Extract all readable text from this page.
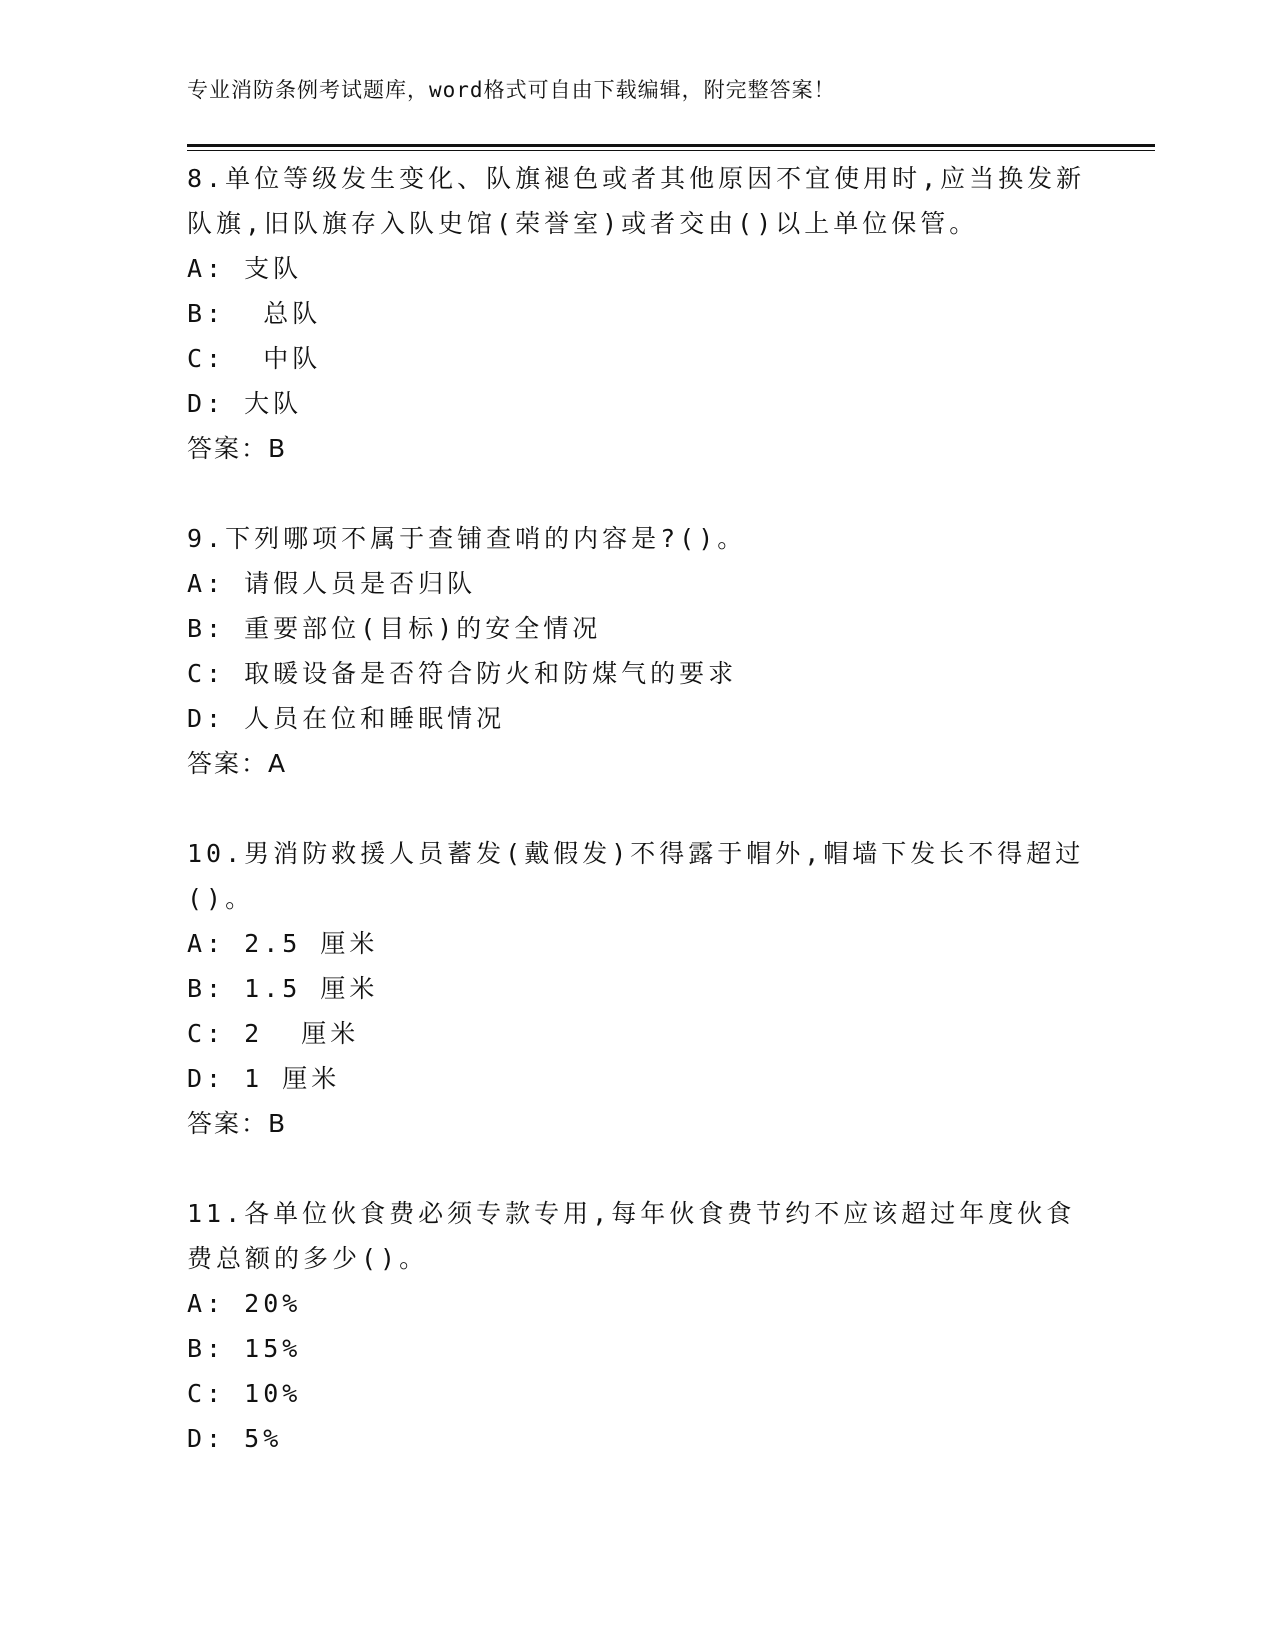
专业消防条例考试题库，word格式可自由下载编辑，附完整答案！
8.单位等级发生变化、队旗褪色或者其他原因不宜使用时,应当换发新
队旗,旧队旗存入队史馆(荣誉室)或者交由()以上单位保管。
A: 支队
B:  总队
C:  中队
D: 大队
答案：B
9.下列哪项不属于查铺查哨的内容是?()。
A: 请假人员是否归队
B: 重要部位(目标)的安全情况
C: 取暖设备是否符合防火和防煤气的要求
D: 人员在位和睡眠情况
答案：A
10.男消防救援人员蓄发(戴假发)不得露于帽外,帽墙下发长不得超过
()。
A: 2.5 厘米
B: 1.5 厘米
C: 2  厘米
D: 1 厘米
答案：B
11.各单位伙食费必须专款专用,每年伙食费节约不应该超过年度伙食
费总额的多少()。
A: 20%
B: 15%
C: 10%
D: 5%
